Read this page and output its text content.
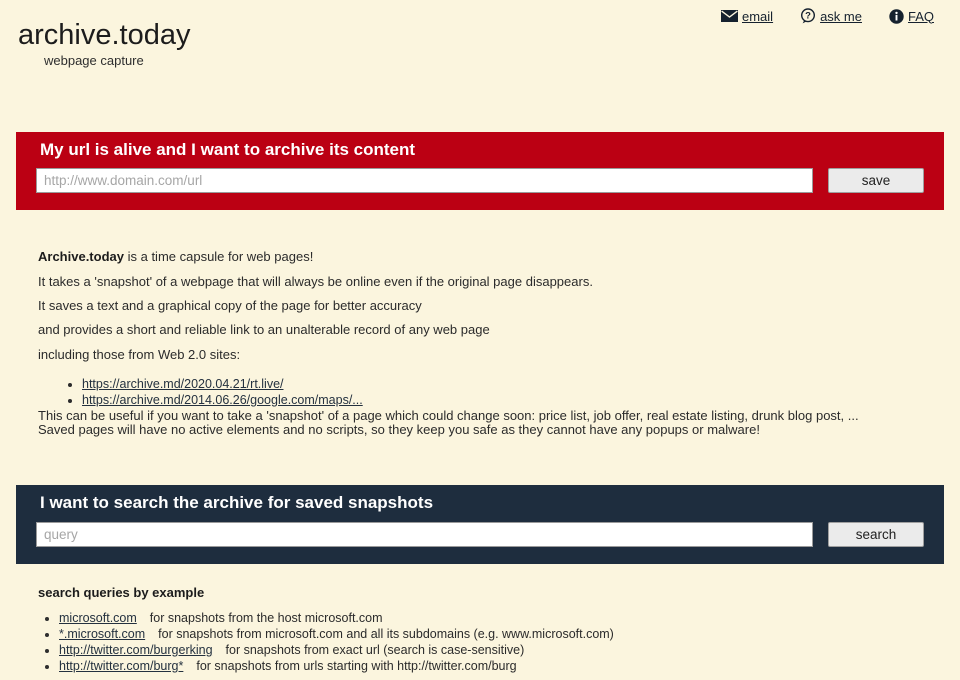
archive.today
webpage capture
email	? ask me	FAQ
My url is alive and I want to archive its content
http://www.domain.com/url
save

Archive.today is a time capsule for web pages!

It takes a 'snapshot' of a webpage that will always be online even if the original page disappears.

It saves a text and a graphical copy of the page for better accuracy

and provides a short and reliable link to an unalterable record of any web page

including those from Web 2.0 sites:

• https://archive.md/2020.04.21/rt.live/
• https://archive.md/2014.06.26/google.com/maps/...

This can be useful if you want to take a 'snapshot' of a page which could change soon: price list, job offer, real estate listing, drunk blog post, ...
Saved pages will have no active elements and no scripts, so they keep you safe as they cannot have any popups or malware!

I want to search the archive for saved snapshots
query
search
search queries by example
• microsoft.com for snapshots from the host microsoft.com
• *.microsoft.com for snapshots from microsoft.com and all its subdomains (e.g. www.microsoft.com)
• http://twitter.com/burgerking for snapshots from exact url (search is case-sensitive)
• http://twitter.com/burg* for snapshots from urls starting with http://twitter.com/burg
